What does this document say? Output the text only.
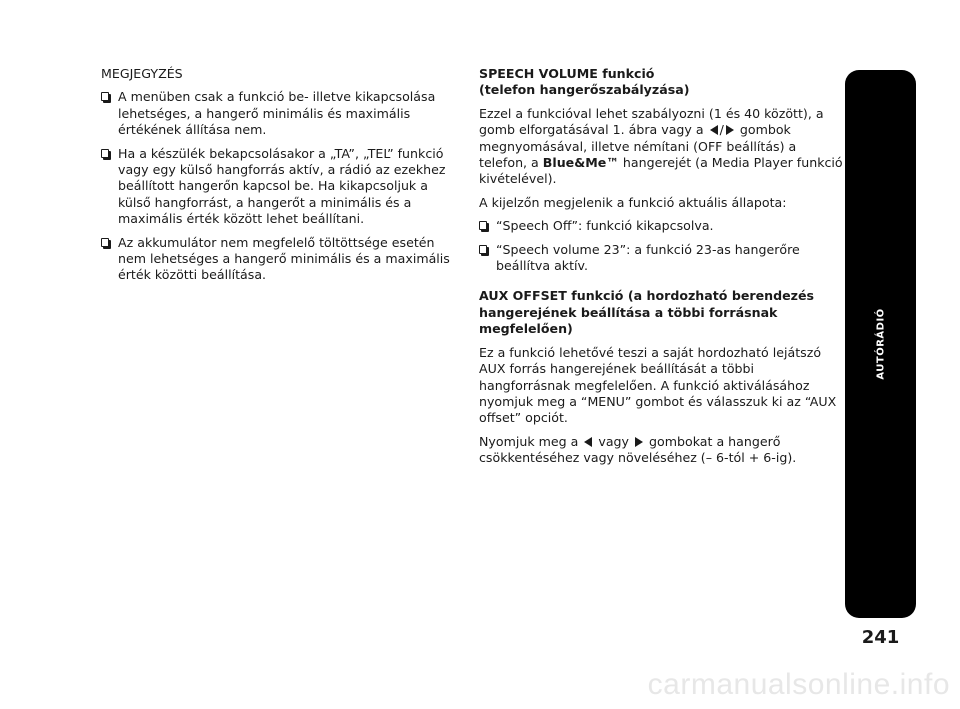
MEGJEGYZÉS

A menüben csak a funkció be- illetve kikapcsolása lehetséges, a hangerő minimális és maximális értékének állítása nem.
Ha a készülék bekapcsolásakor a „TA”, „TEL” funkció vagy egy külső hangforrás aktív, a rádió az ezekhez beállított hangerőn kapcsol be. Ha kikapcsoljuk a külső hangforrást, a hangerőt a minimális és a maximális érték között lehet beállítani.
Az akkumulátor nem megfelelő töltöttsége esetén nem lehetséges a hangerő minimális és a maximális érték közötti beállítása.
SPEECH VOLUME funkció
(telefon hangerőszabályzása)

Ezzel a funkcióval lehet szabályozni (1 és 40 között), a gomb elforgatásával 1. ábra vagy a / gombok megnyomásával, illetve némítani (OFF beállítás) a telefon, a Blue&Me™ hangerejét (a Media Player funkció kivételével).

A kijelzőn megjelenik a funkció aktuális állapota:

“Speech Off”: funkció kikapcsolva.
“Speech volume 23”: a funkció 23-as hangerőre beállítva aktív.
AUX OFFSET funkció (a hordozható berendezés hangerejének beállítása a többi forrásnak megfelelően)

Ez a funkció lehetővé teszi a saját hordozható lejátszó AUX forrás hangerejének beállítását a többi hangforrásnak megfelelően. A funkció aktiválásához nyomjuk meg a “MENU” gombot és válasszuk ki az “AUX offset” opciót.

Nyomjuk meg a vagy gombokat a hangerő csökkentéséhez vagy növeléséhez (– 6-tól + 6-ig).

AUTÓRÁDIÓ
241
carmanualsonline.info
